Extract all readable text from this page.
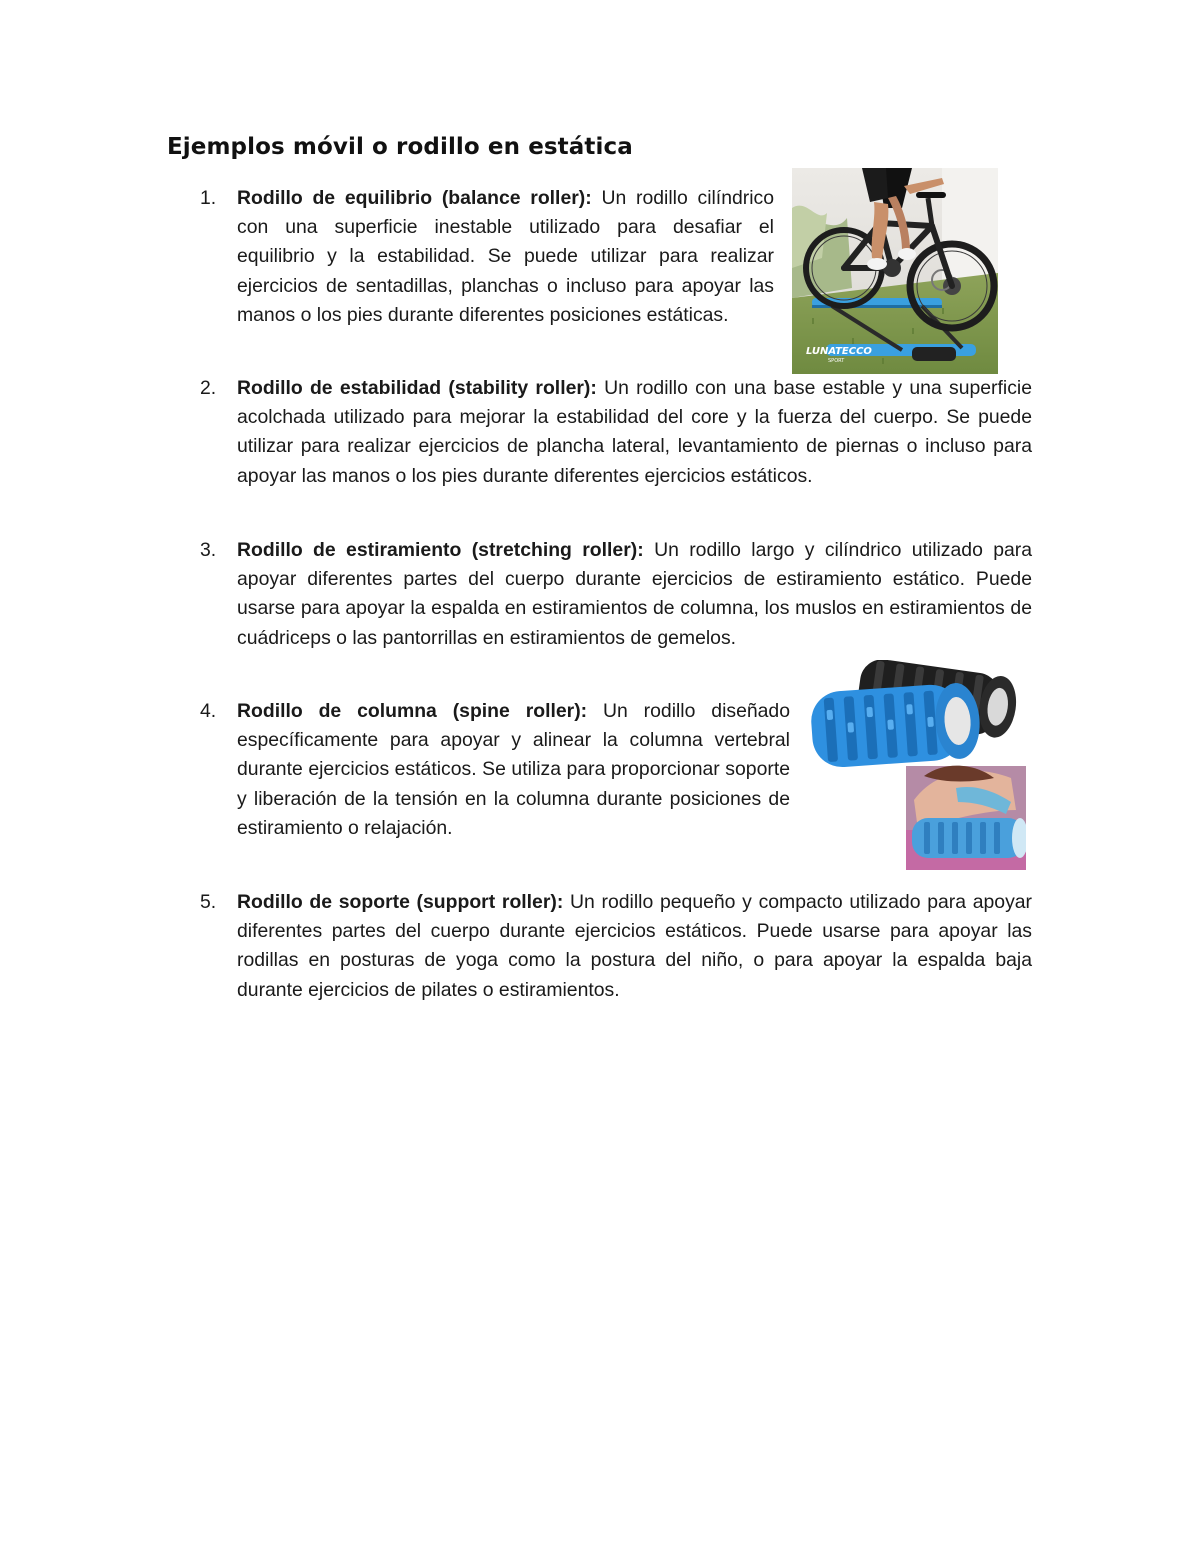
Ejemplos móvil o rodillo en estática
1.	Rodillo de equilibrio (balance roller): Un rodillo cilíndrico con una superficie inestable utilizado para desafiar el equilibrio y la estabilidad. Se puede utilizar para realizar ejercicios de sentadillas, planchas o incluso para apoyar las manos o los pies durante diferentes posiciones estáticas.
2.	Rodillo de estabilidad (stability roller): Un rodillo con una base estable y una superficie acolchada utilizado para mejorar la estabilidad del core y la fuerza del cuerpo. Se puede utilizar para realizar ejercicios de plancha lateral, levantamiento de piernas o incluso para apoyar las manos o los pies durante diferentes ejercicios estáticos.
3.	Rodillo de estiramiento (stretching roller): Un rodillo largo y cilíndrico utilizado para apoyar diferentes partes del cuerpo durante ejercicios de estiramiento estático. Puede usarse para apoyar la espalda en estiramientos de columna, los muslos en estiramientos de cuádriceps o las pantorrillas en estiramientos de gemelos.
4.	Rodillo de columna (spine roller): Un rodillo diseñado específicamente para apoyar y alinear la columna vertebral durante ejercicios estáticos. Se utiliza para proporcionar soporte y liberación de la tensión en la columna durante posiciones de estiramiento o relajación.
5.	Rodillo de soporte (support roller): Un rodillo pequeño y compacto utilizado para apoyar diferentes partes del cuerpo durante ejercicios estáticos. Puede usarse para apoyar las rodillas en posturas de yoga como la postura del niño, o para apoyar la espalda baja durante ejercicios de pilates o estiramientos.
LUNATECCO
SPORT
